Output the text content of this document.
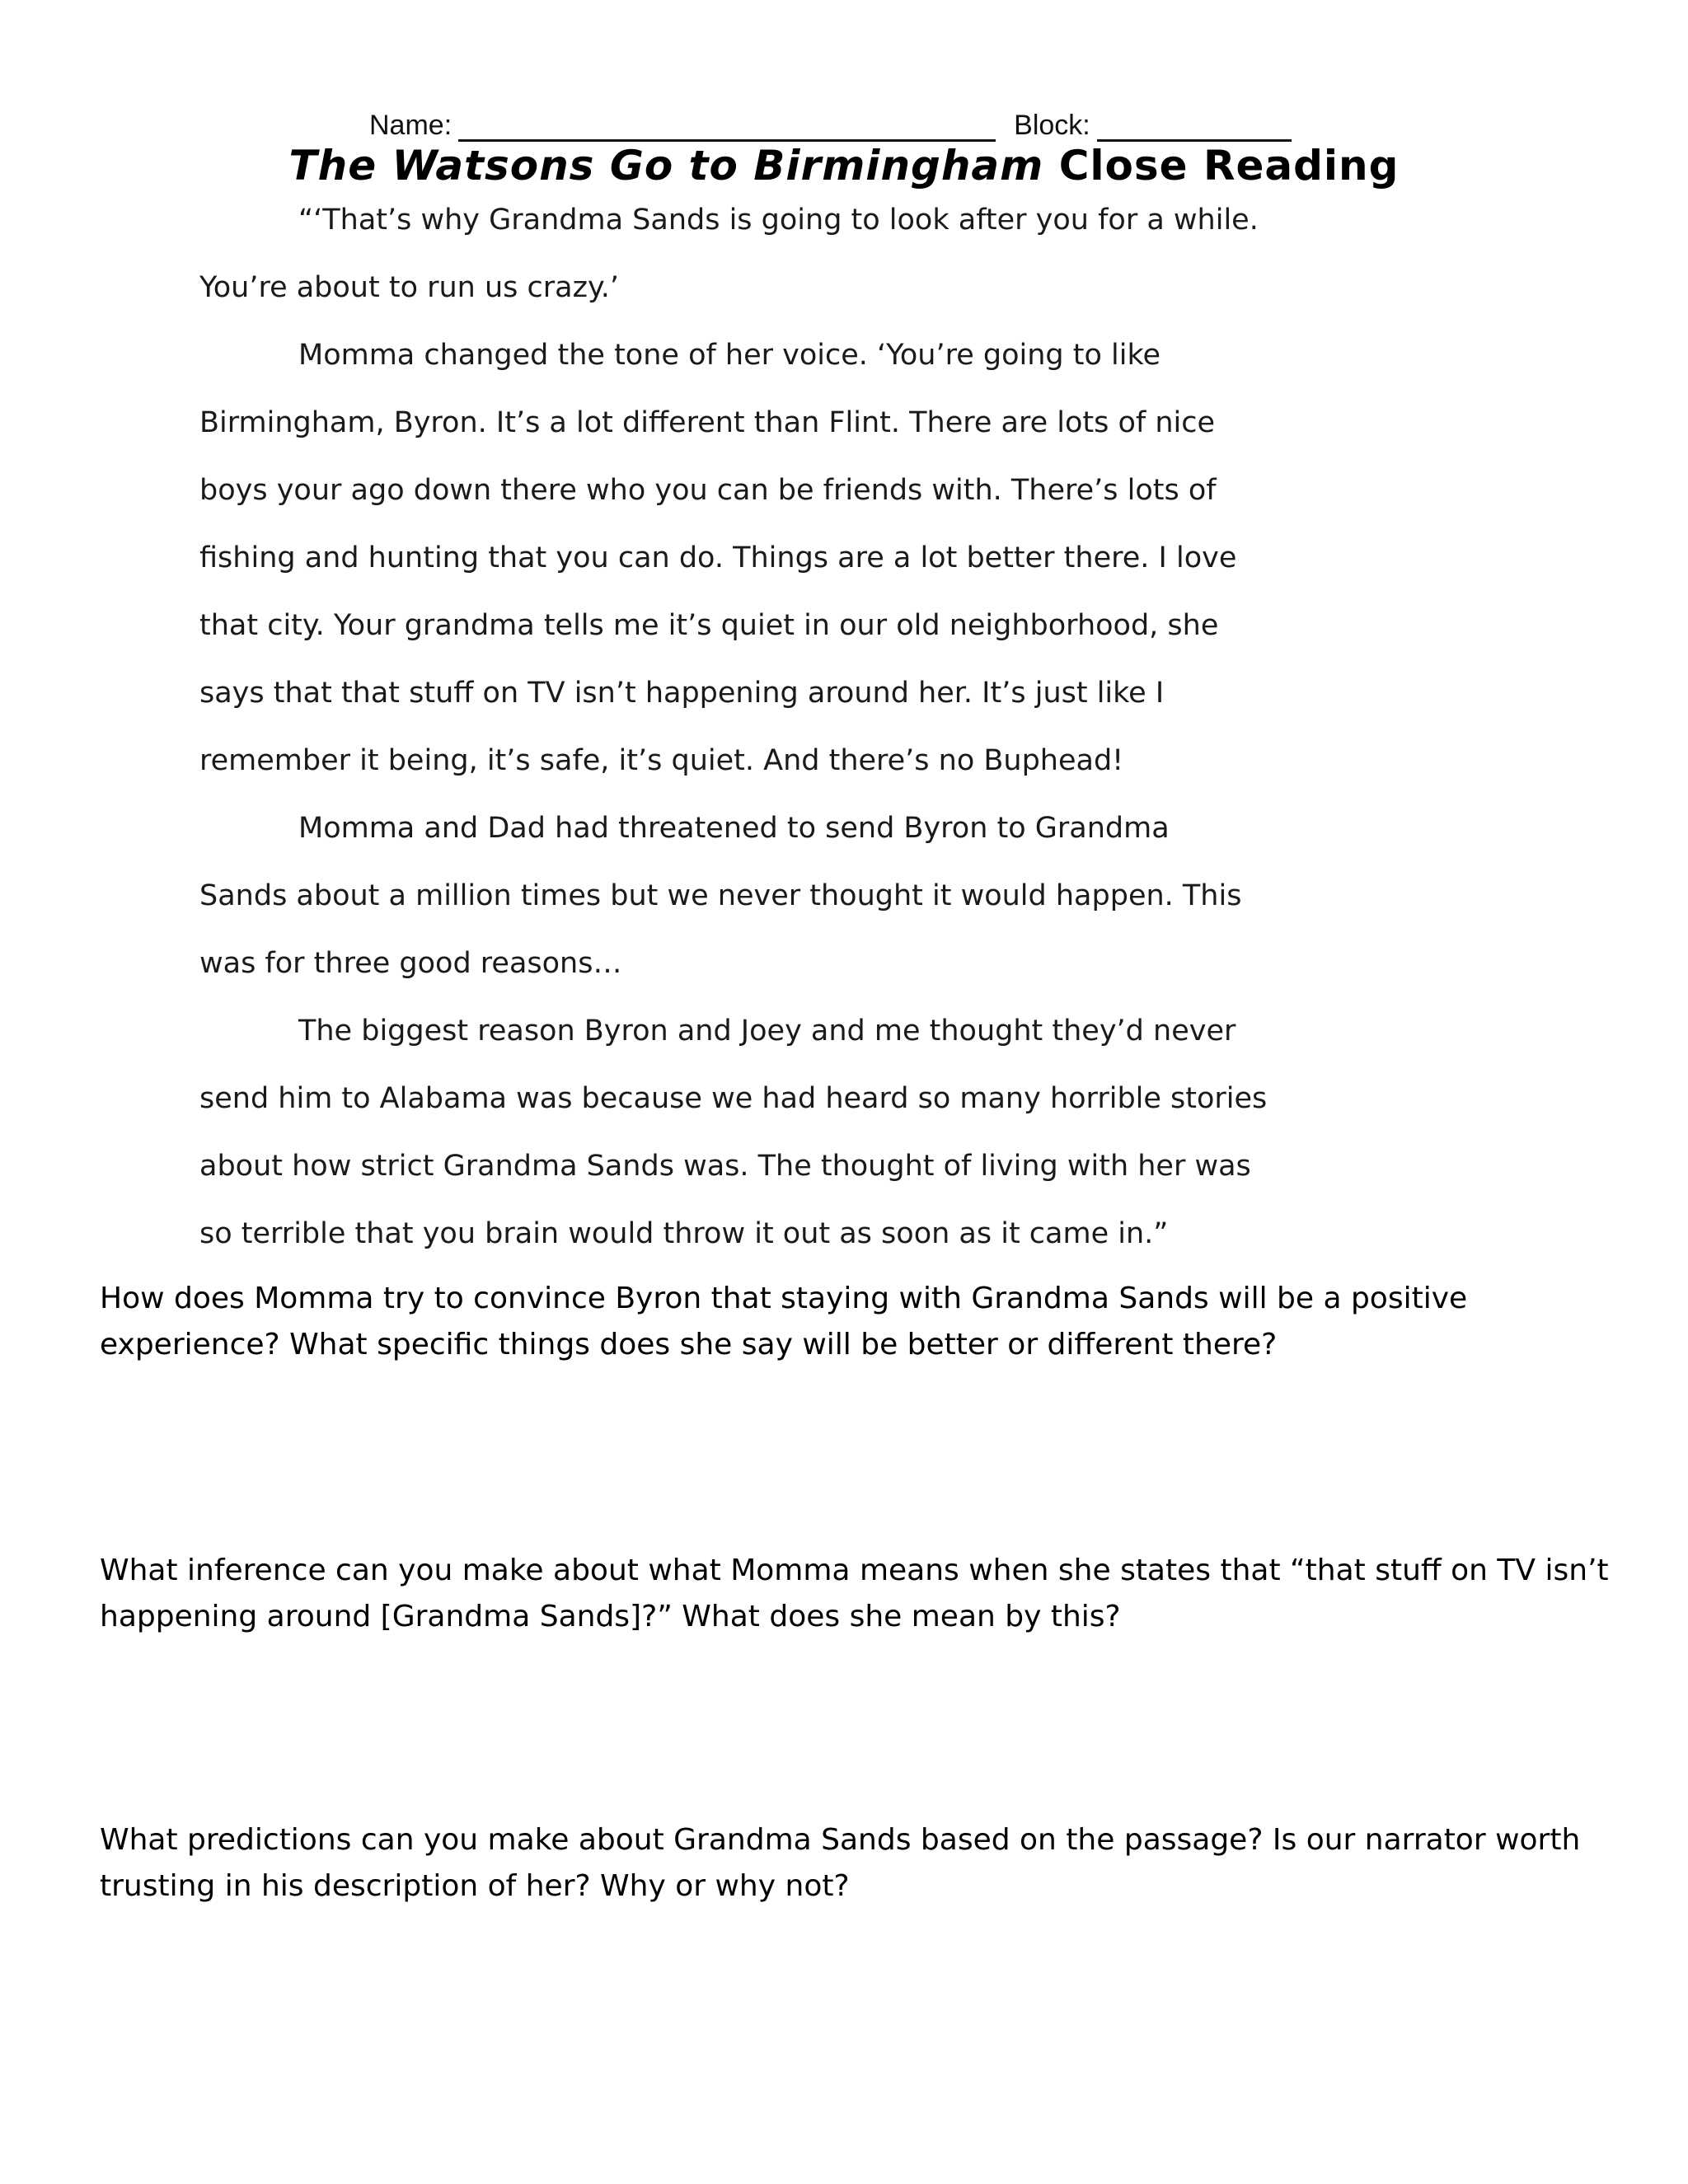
Name:	Block:
The Watsons Go to Birmingham Close Reading
“‘That’s why Grandma Sands is going to look after you for a while.
You’re about to run us crazy.’
Momma changed the tone of her voice. ‘You’re going to like
Birmingham, Byron. It’s a lot different than Flint. There are lots of nice
boys your ago down there who you can be friends with. There’s lots of
fishing and hunting that you can do. Things are a lot better there. I love
that city. Your grandma tells me it’s quiet in our old neighborhood, she
says that that stuff on TV isn’t happening around her. It’s just like I
remember it being, it’s safe, it’s quiet. And there’s no Buphead!
Momma and Dad had threatened to send Byron to Grandma
Sands about a million times but we never thought it would happen. This
was for three good reasons…
The biggest reason Byron and Joey and me thought they’d never
send him to Alabama was because we had heard so many horrible stories
about how strict Grandma Sands was. The thought of living with her was
so terrible that you brain would throw it out as soon as it came in.”
How does Momma try to convince Byron that staying with Grandma Sands will be a positive
experience? What specific things does she say will be better or different there?
What inference can you make about what Momma means when she states that “that stuff on TV isn’t
happening around [Grandma Sands]?” What does she mean by this?
What predictions can you make about Grandma Sands based on the passage? Is our narrator worth
trusting in his description of her? Why or why not?
